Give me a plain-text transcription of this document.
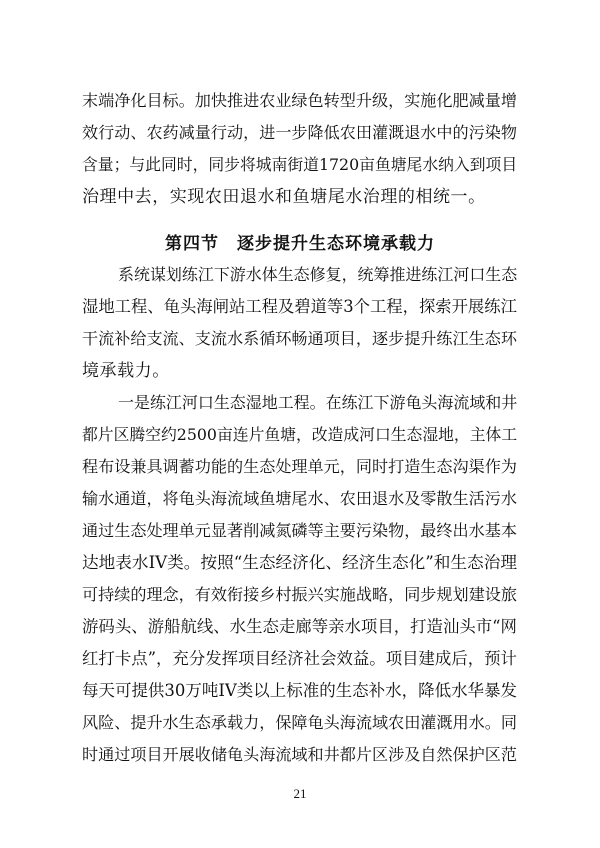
末端净化目标。加快推进农业绿色转型升级，实施化肥减量增
效行动、农药减量行动，进一步降低农田灌溉退水中的污染物
含量；与此同时，同步将城南街道1720亩鱼塘尾水纳入到项目
治理中去，实现农田退水和鱼塘尾水治理的相统一。
第四节　逐步提升生态环境承载力
系统谋划练江下游水体生态修复，统筹推进练江河口生态
湿地工程、龟头海闸站工程及碧道等3个工程，探索开展练江
干流补给支流、支流水系循环畅通项目，逐步提升练江生态环
境承载力。
一是练江河口生态湿地工程。在练江下游龟头海流域和井
都片区腾空约2500亩连片鱼塘，改造成河口生态湿地，主体工
程布设兼具调蓄功能的生态处理单元，同时打造生态沟渠作为
输水通道，将龟头海流域鱼塘尾水、农田退水及零散生活污水
通过生态处理单元显著削减氮磷等主要污染物，最终出水基本
达地表水IV类。按照“生态经济化、经济生态化”和生态治理
可持续的理念，有效衔接乡村振兴实施战略，同步规划建设旅
游码头、游船航线、水生态走廊等亲水项目，打造汕头市“网
红打卡点”，充分发挥项目经济社会效益。项目建成后，预计
每天可提供30万吨IV类以上标准的生态补水，降低水华暴发
风险、提升水生态承载力，保障龟头海流域农田灌溉用水。同
时通过项目开展收储龟头海流域和井都片区涉及自然保护区范
21
